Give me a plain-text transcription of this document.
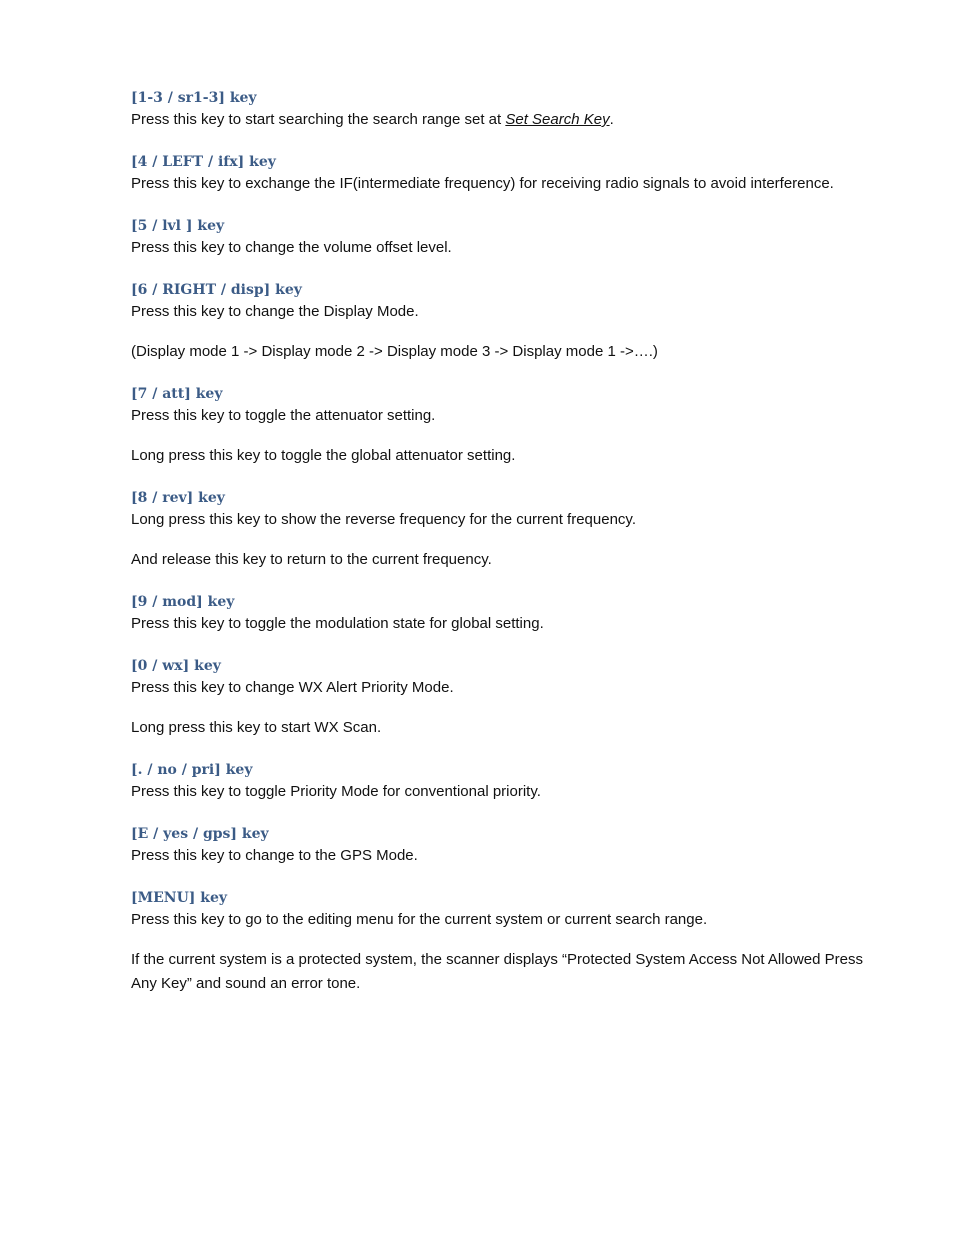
[1-3 / sr1-3] key

Press this key to start searching the search range set at Set Search Key.

[4 / LEFT / ifx] key

Press this key to exchange the IF(intermediate frequency) for receiving radio signals to avoid interference.

[5 / lvl ] key

Press this key to change the volume offset level.

[6 / RIGHT / disp] key

Press this key to change the Display Mode.

(Display mode 1 -> Display mode 2 -> Display mode 3 -> Display mode 1 ->….)

[7 / att] key

Press this key to toggle the attenuator setting.

Long press this key to toggle the global attenuator setting.

[8 / rev] key

Long press this key to show the reverse frequency for the current frequency.

And release this key to return to the current frequency.

[9 / mod] key

Press this key to toggle the modulation state for global setting.

[0 / wx] key

Press this key to change WX Alert Priority Mode.

Long press this key to start WX Scan.

[. / no / pri] key

Press this key to toggle Priority Mode for conventional priority.

[E / yes / gps] key

Press this key to change to the GPS Mode.

[MENU] key

Press this key to go to the editing menu for the current system or current search range.

If the current system is a protected system, the scanner displays “Protected System Access Not Allowed Press Any Key” and sound an error tone.
